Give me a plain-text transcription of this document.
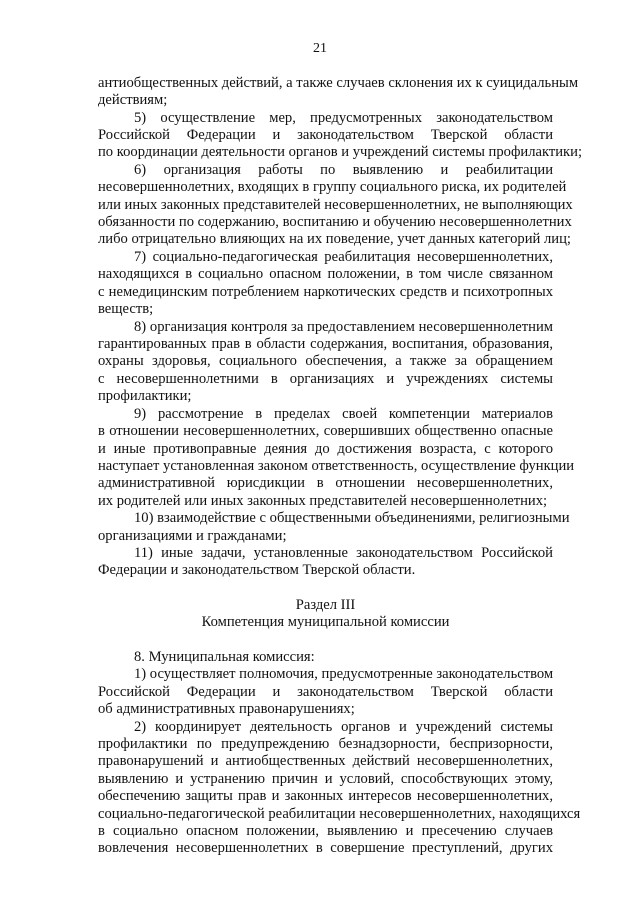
21
антиобщественных действий, а также случаев склонения их к суицидальным
действиям;
5) осуществление мер, предусмотренных законодательством
Российской Федерации и законодательством Тверской области
по координации деятельности органов и учреждений системы профилактики;
6) организация работы по выявлению и реабилитации
несовершеннолетних, входящих в группу социального риска, их родителей
или иных законных представителей несовершеннолетних, не выполняющих
обязанности по содержанию, воспитанию и обучению несовершеннолетних
либо отрицательно влияющих на их поведение, учет данных категорий лиц;
7) социально-педагогическая реабилитация несовершеннолетних,
находящихся в социально опасном положении, в том числе связанном
с немедицинским потреблением наркотических средств и психотропных
веществ;
8) организация контроля за предоставлением несовершеннолетним
гарантированных прав в области содержания, воспитания, образования,
охраны здоровья, социального обеспечения, а также за обращением
с несовершеннолетними в организациях и учреждениях системы
профилактики;
9) рассмотрение в пределах своей компетенции материалов
в отношении несовершеннолетних, совершивших общественно опасные
и иные противоправные деяния до достижения возраста, с которого
наступает установленная законом ответственность, осуществление функции
административной юрисдикции в отношении несовершеннолетних,
их родителей или иных законных представителей несовершеннолетних;
10) взаимодействие с общественными объединениями, религиозными
организациями и гражданами;
11) иные задачи, установленные законодательством Российской
Федерации и законодательством Тверской области.
Раздел III
Компетенция муниципальной комиссии
8. Муниципальная комиссия:
1) осуществляет полномочия, предусмотренные законодательством
Российской Федерации и законодательством Тверской области
об административных правонарушениях;
2) координирует деятельность органов и учреждений системы
профилактики по предупреждению безнадзорности, беспризорности,
правонарушений и антиобщественных действий несовершеннолетних,
выявлению и устранению причин и условий, способствующих этому,
обеспечению защиты прав и законных интересов несовершеннолетних,
социально-педагогической реабилитации несовершеннолетних, находящихся
в социально опасном положении, выявлению и пресечению случаев
вовлечения несовершеннолетних в совершение преступлений, других
